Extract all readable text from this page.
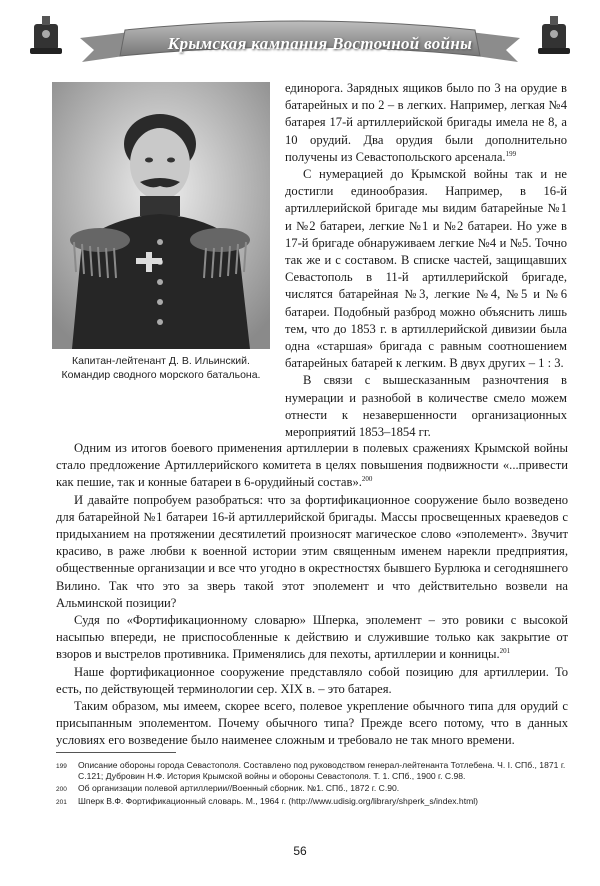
Крымская кампания Восточной войны
Капитан-лейтенант Д. В. Ильинский. Командир сводного морского батальона.

единорога. Зарядных ящиков было по 3 на орудие в батарейных и по 2 – в легких. Например, легкая №4 батарея 17-й артиллерийской бригады имела не 8, а 10 орудий. Два орудия были дополнительно получены из Севастопольского арсенала.$^{199}$

С нумерацией до Крымской войны так и не достигли единообразия. Например, в 16-й артиллерийской бригаде мы видим батарейные №1 и №2 батареи, легкие №1 и №2 батареи. Но уже в 17-й бригаде обнаруживаем легкие №4 и №5. Точно так же и с составом. В списке частей, защищавших Севастополь в 11-й артиллерийской бригаде, числятся батарейная №3, легкие №4, №5 и №6 батареи. Подобный разброд можно объяснить лишь тем, что до 1853 г. в артиллерийской дивизии была одна «старшая» бригада с равным соотношением батарейных батарей к легким. В двух других – 1 : 3.

В связи с вышесказанным разночтения в нумерации и разнобой в количестве смело можем отнести к незавершенности организационных мероприятий 1853–1854 гг.

Одним из итогов боевого применения артиллерии в полевых сражениях Крымской войны стало предложение Артиллерийского комитета в целях повышения подвижности «...привести как пешие, так и конные батареи в 6-орудийный состав».$^{200}$

И давайте попробуем разобраться: что за фортификационное сооружение было возведено для батарейной №1 батареи 16-й артиллерийской бригады. Массы просвещенных краеведов с придыханием на протяжении десятилетий произносят магическое слово «эполемент». Звучит красиво, в раже любви к военной истории этим священным именем нарекли предприятия, общественные организации и все что угодно в окрестностях бывшего Бурлюка и сегодняшнего Вилино. Так что это за зверь такой этот эполемент и что действительно возвели на Альминской позиции?

Судя по «Фортификационному словарю» Шперка, эполемент – это ровики с высокой насыпью впереди, не приспособленные к действию и служившие только как закрытие от взоров и выстрелов противника. Применялись для пехоты, артиллерии и конницы.$^{201}$

Наше фортификационное сооружение представляло собой позицию для артиллерии. То есть, по действующей терминологии сер. XIX в. – это батарея.

Таким образом, мы имеем, скорее всего, полевое укрепление обычного типа для орудий с присыпанным эполементом. Почему обычного типа? Прежде всего потому, что в данных условиях его возведение было наименее сложным и требовало не так много времени.

199	Описание обороны города Севастополя. Составлено под руководством генерал-лейтенанта Тотлебена. Ч. I. СПб., 1871 г. С.121; Дубровин Н.Ф. История Крымской войны и обороны Севастополя. Т. 1. СПб., 1900 г. С.98.
200	Об организации полевой артиллерии//Военный сборник. №1. СПб., 1872 г. С.90.
201	Шперк В.Ф. Фортификационный словарь. М., 1964 г. (http://www.udisig.org/library/shperk_s/index.html)
56
